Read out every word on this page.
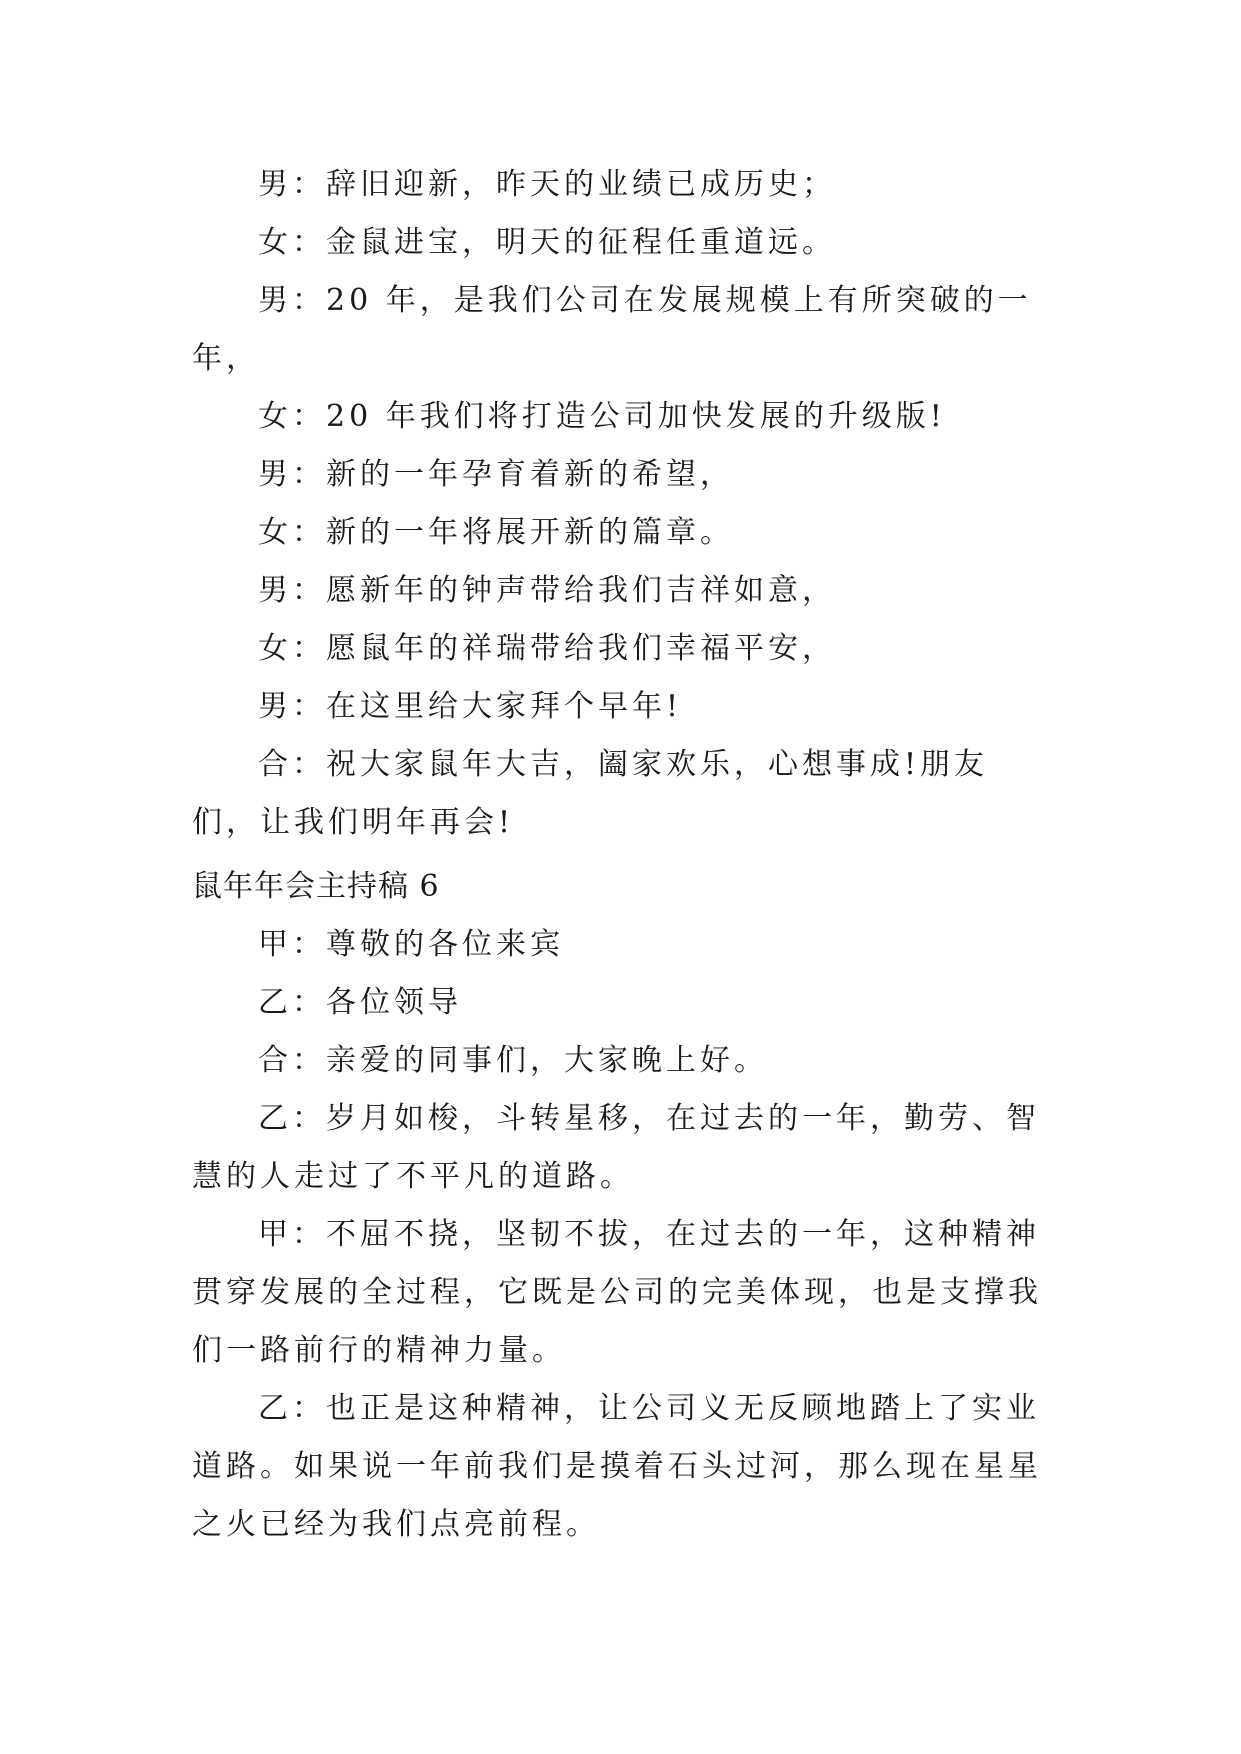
男：辞旧迎新，昨天的业绩已成历史；

女：金鼠进宝，明天的征程任重道远。

男：20 年，是我们公司在发展规模上有所突破的一年，

女：20 年我们将打造公司加快发展的升级版!

男：新的一年孕育着新的希望，

女：新的一年将展开新的篇章。

男：愿新年的钟声带给我们吉祥如意，

女：愿鼠年的祥瑞带给我们幸福平安，

男：在这里给大家拜个早年!

合：祝大家鼠年大吉，阖家欢乐，心想事成!朋友们，让我们明年再会!

鼠年年会主持稿 6

甲：尊敬的各位来宾

乙：各位领导

合：亲爱的同事们，大家晚上好。

乙：岁月如梭，斗转星移，在过去的一年，勤劳、智慧的人走过了不平凡的道路。

甲：不屈不挠，坚韧不拔，在过去的一年，这种精神贯穿发展的全过程，它既是公司的完美体现，也是支撑我们一路前行的精神力量。

乙：也正是这种精神，让公司义无反顾地踏上了实业道路。如果说一年前我们是摸着石头过河，那么现在星星之火已经为我们点亮前程。
